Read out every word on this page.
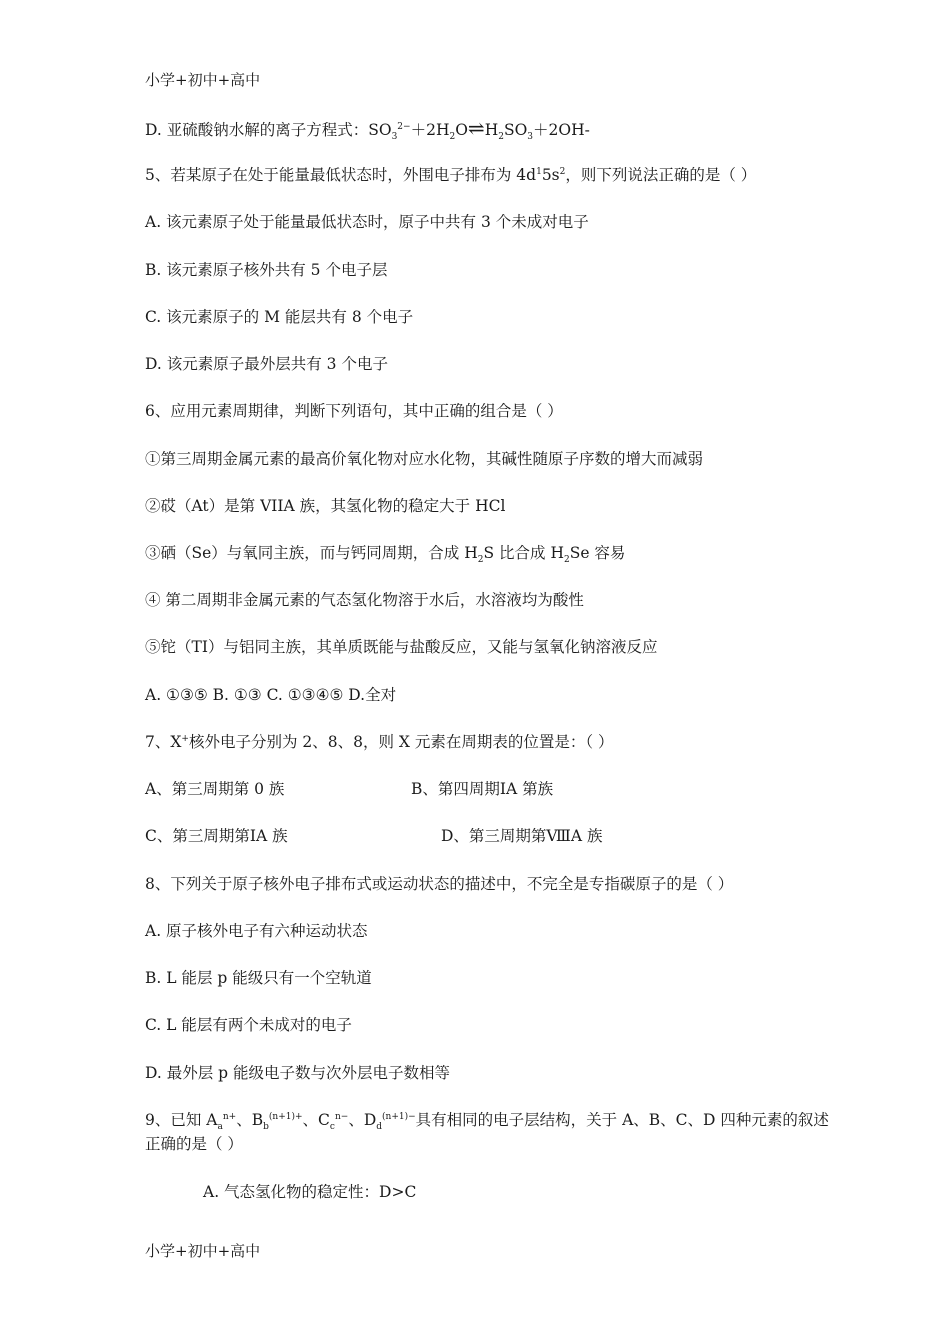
小学+初中+高中
D. 亚硫酸钠水解的离子方程式：$SO_3^{2-}+2H_2O\rightleftharpoons H_2SO_3+2OH-$
5、若某原子在处于能量最低状态时，外围电子排布为 $4d^15s^2$，则下列说法正确的是（ ）
A. 该元素原子处于能量最低状态时，原子中共有 3 个未成对电子
B. 该元素原子核外共有 5 个电子层
C. 该元素原子的 M 能层共有 8 个电子
D. 该元素原子最外层共有 3 个电子
6、应用元素周期律，判断下列语句，其中正确的组合是（ ）
①第三周期金属元素的最高价氧化物对应水化物，其碱性随原子序数的增大而减弱
②砹（At）是第 VIIA 族，其氢化物的稳定大于 HCl
③硒（Se）与氧同主族，而与钙同周期，合成 $H_2S$ 比合成 $H_2Se$ 容易
④ 第二周期非金属元素的气态氢化物溶于水后，水溶液均为酸性
⑤铊（TI）与铝同主族，其单质既能与盐酸反应，又能与氢氧化钠溶液反应
A. ①③⑤ B. ①③ C. ①③④⑤ D.全对
7、X+核外电子分别为 2、8、8，则 X 元素在周期表的位置是：（ ）
A、第三周期第 0 族	B、第四周期ⅠA 第族
C、第三周期第ⅠA 族	D、第三周期第ⅧA 族
8、下列关于原子核外电子排布式或运动状态的描述中，不完全是专指碳原子的是（ ）
A. 原子核外电子有六种运动状态
B. L 能层 p 能级只有一个空轨道
C. L 能层有两个未成对的电子
D. 最外层 p 能级电子数与次外层电子数相等
9、已知 $A_a^{n+}$、$B_b^{(n+1)+}$、$C_c^{n-}$、$D_d^{(n+1)-}$具有相同的电子层结构，关于 A、B、C、D 四种元素的叙述
正确的是（ ）
A. 气态氢化物的稳定性：D>C
小学+初中+高中
